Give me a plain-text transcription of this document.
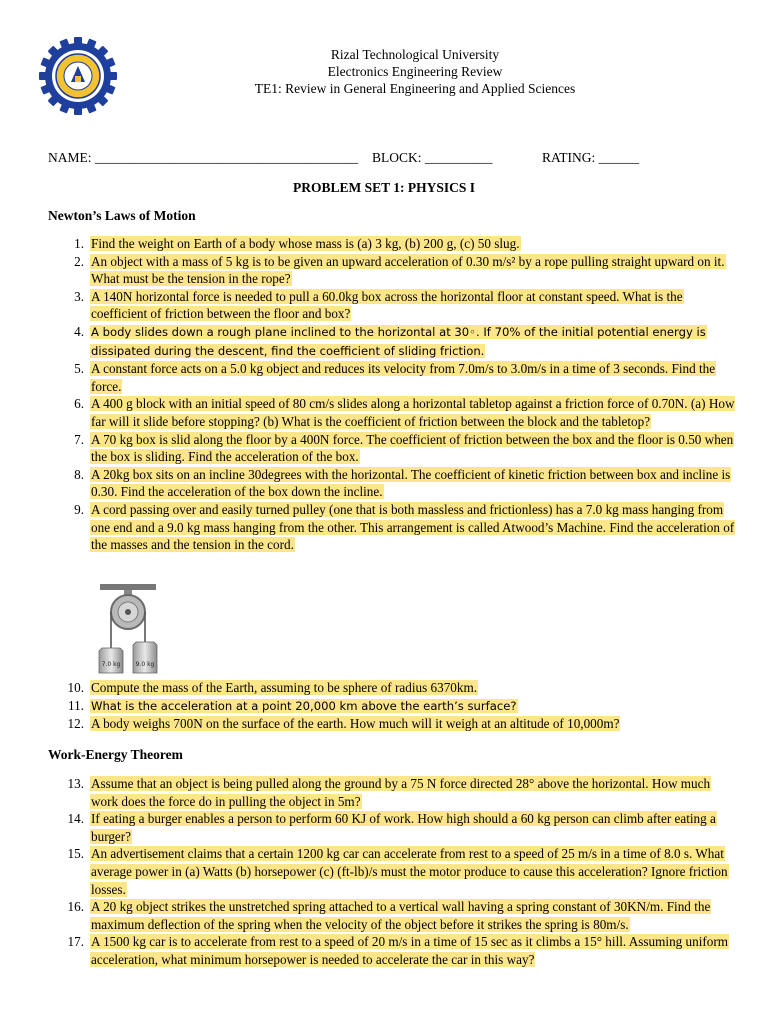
Rizal Technological University
Electronics Engineering Review
TE1: Review in General Engineering and Applied Sciences
NAME: _______________________________________ BLOCK: __________	RATING: ______
PROBLEM SET 1: PHYSICS I
Newton’s Laws of Motion
1. Find the weight on Earth of a body whose mass is (a) 3 kg, (b) 200 g, (c) 50 slug.
2. An object with a mass of 5 kg is to be given an upward acceleration of 0.30 m/s² by a rope pulling straight upward on it. What must be the tension in the rope?
3. A 140N horizontal force is needed to pull a 60.0kg box across the horizontal floor at constant speed. What is the coefficient of friction between the floor and box?
4. A body slides down a rough plane inclined to the horizontal at 30◦. If 70% of the initial potential energy is dissipated during the descent, find the coefficient of sliding friction.
5. A constant force acts on a 5.0 kg object and reduces its velocity from 7.0m/s to 3.0m/s in a time of 3 seconds. Find the force.
6. A 400 g block with an initial speed of 80 cm/s slides along a horizontal tabletop against a friction force of 0.70N. (a) How far will it slide before stopping? (b) What is the coefficient of friction between the block and the tabletop?
7. A 70 kg box is slid along the floor by a 400N force. The coefficient of friction between the box and the floor is 0.50 when the box is sliding. Find the acceleration of the box.
8. A 20kg box sits on an incline 30degrees with the horizontal. The coefficient of kinetic friction between box and incline is 0.30. Find the acceleration of the box down the incline.
9. A cord passing over and easily turned pulley (one that is both massless and frictionless) has a 7.0 kg mass hanging from one end and a 9.0 kg mass hanging from the other. This arrangement is called Atwood’s Machine. Find the acceleration of the masses and the tension in the cord.
7.0 kg	9.0 kg
10. Compute the mass of the Earth, assuming to be sphere of radius 6370km.
11. What is the acceleration at a point 20,000 km above the earth’s surface?
12. A body weighs 700N on the surface of the earth. How much will it weigh at an altitude of 10,000m?
Work-Energy Theorem
13. Assume that an object is being pulled along the ground by a 75 N force directed 28° above the horizontal. How much work does the force do in pulling the object in 5m?
14. If eating a burger enables a person to perform 60 KJ of work. How high should a 60 kg person can climb after eating a burger?
15. An advertisement claims that a certain 1200 kg car can accelerate from rest to a speed of 25 m/s in a time of 8.0 s. What average power in (a) Watts (b) horsepower (c) (ft-lb)/s must the motor produce to cause this acceleration? Ignore friction losses.
16. A 20 kg object strikes the unstretched spring attached to a vertical wall having a spring constant of 30KN/m. Find the maximum deflection of the spring when the velocity of the object before it strikes the spring is 80m/s.
17. A 1500 kg car is to accelerate from rest to a speed of 20 m/s in a time of 15 sec as it climbs a 15° hill. Assuming uniform acceleration, what minimum horsepower is needed to accelerate the car in this way?
